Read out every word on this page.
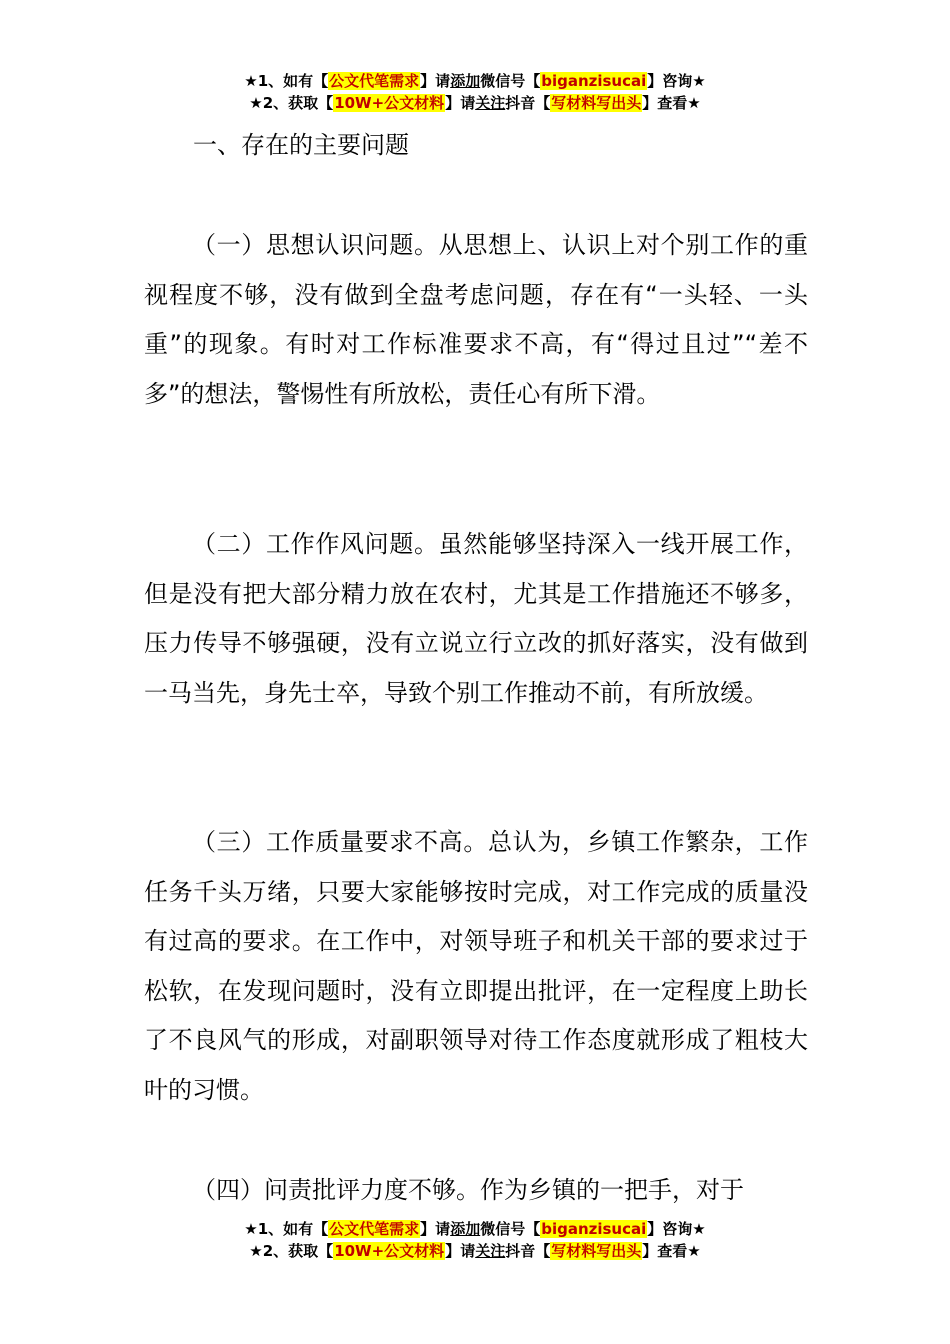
★1、如有【公文代笔需求】请添加微信号【biganzisucai】咨询★
★2、获取【10W+公文材料】请关注抖音【写材料写出头】查看★
一、存在的主要问题

（一）思想认识问题。从思想上、认识上对个别工作的重视程度不够，没有做到全盘考虑问题，存在有“一头轻、一头重”的现象。有时对工作标准要求不高，有“得过且过”“差不多”的想法，警惕性有所放松，责任心有所下滑。

（二）工作作风问题。虽然能够坚持深入一线开展工作，但是没有把大部分精力放在农村，尤其是工作措施还不够多，压力传导不够强硬，没有立说立行立改的抓好落实，没有做到一马当先，身先士卒，导致个别工作推动不前，有所放缓。

（三）工作质量要求不高。总认为，乡镇工作繁杂，工作任务千头万绪，只要大家能够按时完成，对工作完成的质量没有过高的要求。在工作中，对领导班子和机关干部的要求过于松软，在发现问题时，没有立即提出批评，在一定程度上助长了不良风气的形成，对副职领导对待工作态度就形成了粗枝大叶的习惯。

（四）问责批评力度不够。作为乡镇的一把手，对于

★1、如有【公文代笔需求】请添加微信号【biganzisucai】咨询★
★2、获取【10W+公文材料】请关注抖音【写材料写出头】查看★
